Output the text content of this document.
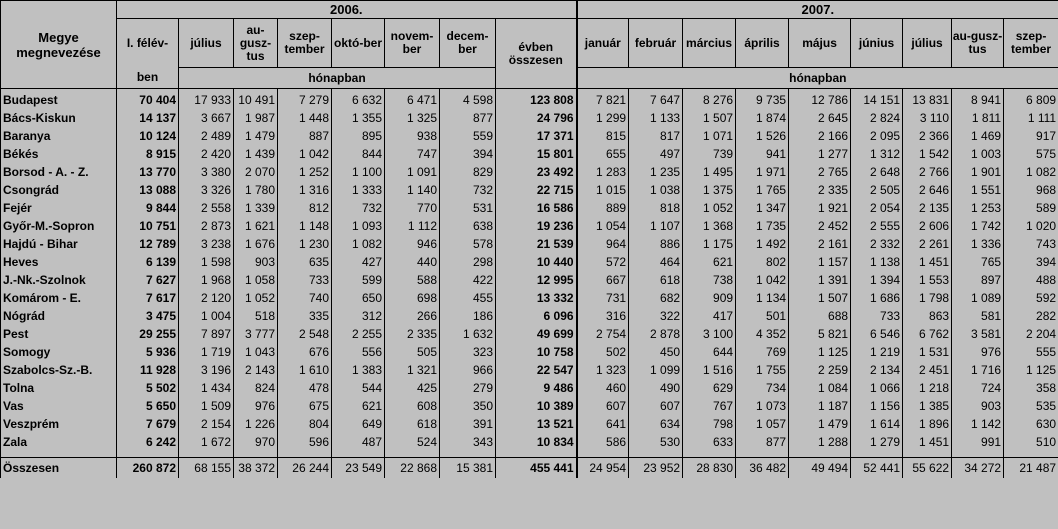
Megye megnevezése	2006.								2007.								
	I. félév-	július	au-gusz-tus	szep-tember	októ-ber	novem-ber	decem-ber	évben összesen	január	február	március	április	május	június	július	au-gusz-tus	szep-tember
	ben	hónapban							hónapban								
Budapest	70 404	17 933	10 491	7 279	6 632	6 471	4 598	123 808	7 821	7 647	8 276	9 735	12 786	14 151	13 831	8 941	6 809
Bács-Kiskun	14 137	3 667	1 987	1 448	1 355	1 325	877	24 796	1 299	1 133	1 507	1 874	2 645	2 824	3 110	1 811	1 111
Baranya	10 124	2 489	1 479	887	895	938	559	17 371	815	817	1 071	1 526	2 166	2 095	2 366	1 469	917
Békés	8 915	2 420	1 439	1 042	844	747	394	15 801	655	497	739	941	1 277	1 312	1 542	1 003	575
Borsod - A. - Z.	13 770	3 380	2 070	1 252	1 100	1 091	829	23 492	1 283	1 235	1 495	1 971	2 765	2 648	2 766	1 901	1 082
Csongrád	13 088	3 326	1 780	1 316	1 333	1 140	732	22 715	1 015	1 038	1 375	1 765	2 335	2 505	2 646	1 551	968
Fejér	9 844	2 558	1 339	812	732	770	531	16 586	889	818	1 052	1 347	1 921	2 054	2 135	1 253	589
Győr-M.-Sopron	10 751	2 873	1 621	1 148	1 093	1 112	638	19 236	1 054	1 107	1 368	1 735	2 452	2 555	2 606	1 742	1 020
Hajdú - Bihar	12 789	3 238	1 676	1 230	1 082	946	578	21 539	964	886	1 175	1 492	2 161	2 332	2 261	1 336	743
Heves	6 139	1 598	903	635	427	440	298	10 440	572	464	621	802	1 157	1 138	1 451	765	394
J.-Nk.-Szolnok	7 627	1 968	1 058	733	599	588	422	12 995	667	618	738	1 042	1 391	1 394	1 553	897	488
Komárom - E.	7 617	2 120	1 052	740	650	698	455	13 332	731	682	909	1 134	1 507	1 686	1 798	1 089	592
Nógrád	3 475	1 004	518	335	312	266	186	6 096	316	322	417	501	688	733	863	581	282
Pest	29 255	7 897	3 777	2 548	2 255	2 335	1 632	49 699	2 754	2 878	3 100	4 352	5 821	6 546	6 762	3 581	2 204
Somogy	5 936	1 719	1 043	676	556	505	323	10 758	502	450	644	769	1 125	1 219	1 531	976	555
Szabolcs-Sz.-B.	11 928	3 196	2 143	1 610	1 383	1 321	966	22 547	1 323	1 099	1 516	1 755	2 259	2 134	2 451	1 716	1 125
Tolna	5 502	1 434	824	478	544	425	279	9 486	460	490	629	734	1 084	1 066	1 218	724	358
Vas	5 650	1 509	976	675	621	608	350	10 389	607	607	767	1 073	1 187	1 156	1 385	903	535
Veszprém	7 679	2 154	1 226	804	649	618	391	13 521	641	634	798	1 057	1 479	1 614	1 896	1 142	630
Zala	6 242	1 672	970	596	487	524	343	10 834	586	530	633	877	1 288	1 279	1 451	991	510

Összesen	260 872	68 155	38 372	26 244	23 549	22 868	15 381	455 441	24 954	23 952	28 830	36 482	49 494	52 441	55 622	34 272	21 487
